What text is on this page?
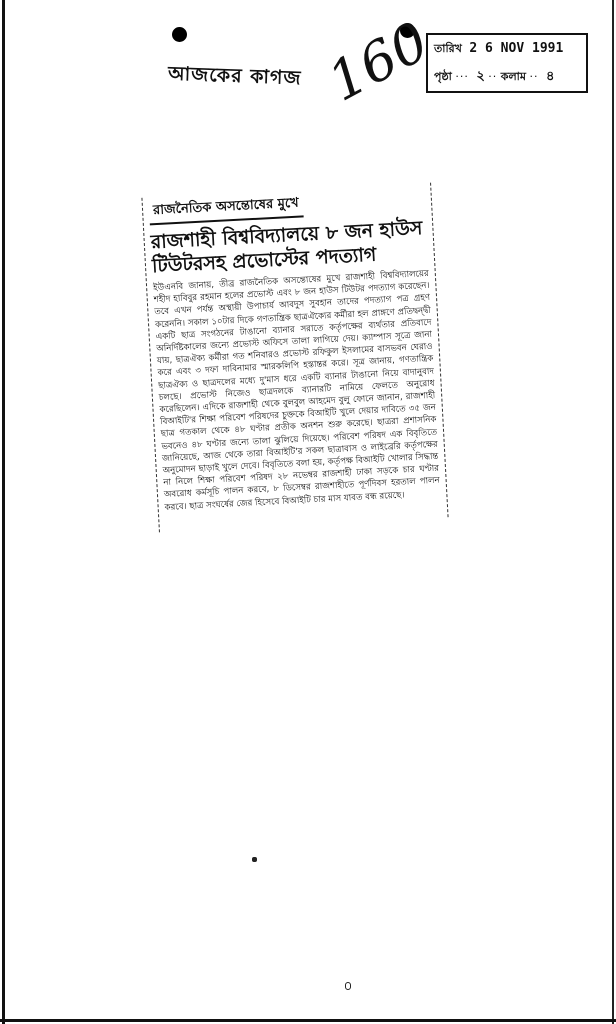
আজকের কাগজ
তারিখ 2 6 NOV 1991
পৃষ্ঠা ··· ২ ·· কলাম ·· ৪
160
রাজনৈতিক অসন্তোষের মুখে
রাজশাহী বিশ্ববিদ্যালয়ে ৮ জন হাউস টিউটরসহ প্রভোস্টের পদত্যাগ
ইউএনবি জানায়, তীব্র রাজনৈতিক অসন্তোষের মুখে রাজশাহী বিশ্ববিদ্যালয়ের শহীদ হাবিবুর রহমান হলের প্রভোস্ট এবং ৮ জন হাউস টিউটর পদত্যাগ করেছেন। তবে এখন পর্যন্ত অস্থায়ী উপাচার্য আবদুস সুবহান তাদের পদত্যাগ পত্র গ্রহণ করেননি। সকাল ১০টার দিকে গণতান্ত্রিক ছাত্রঐক্যের কর্মীরা হল প্রাঙ্গণে প্রতিদ্বন্দ্বী একটি ছাত্র সংগঠনের টাঙানো ব্যানার সরাতে কর্তৃপক্ষের ব্যর্থতার প্রতিবাদে অনির্দিষ্টকালের জন্যে প্রভোস্ট অফিসে তালা লাগিয়ে দেয়। ক্যাম্পাস সূত্রে জানা যায়, ছাত্রঐক্য কর্মীরা গত শনিবারও প্রভোস্ট রফিকুল ইসলামের বাসভবন ঘেরাও করে এবং ৩ দফা দাবিনামার স্মারকলিপি হস্তান্তর করে। সূত্র জানায়, গণতান্ত্রিক ছাত্রঐক্য ও ছাত্রদলের মধ্যে দু'মাস ধরে একটি ব্যানার টাঙানো নিয়ে বাদানুবাদ চলছে। প্রভোস্ট নিজেও ছাত্রদলকে ব্যানারটি নামিয়ে ফেলতে অনুরোধ করেছিলেন। এদিকে রাজশাহী থেকে বুলবুল আহমেদ বুলু ফোনে জানান, রাজশাহী বিআইটি'র শিক্ষা পরিবেশ পরিষদের চুক্তকে বিআইটি খুলে দেয়ার দাবিতে ৩৫ জন ছাত্র গতকাল থেকে ৪৮ ঘণ্টার প্রতীক অনশন শুরু করেছে। ছাত্ররা প্রশাসনিক ভবনেও ৪৮ ঘণ্টার জন্যে তালা ঝুলিয়ে দিয়েছে। পরিবেশ পরিষদ এক বিবৃতিতে জানিয়েছে, আজ থেকে তারা বিআইটি'র সকল ছাত্রাবাস ও লাইব্রেরি কর্তৃপক্ষের অনুমোদন ছাড়াই খুলে দেবে। বিবৃতিতে বলা হয়, কর্তৃপক্ষ বিআইটি খোলার সিদ্ধান্ত না নিলে শিক্ষা পরিবেশ পরিষদ ২৮ নভেম্বর রাজশাহী ঢাকা সড়কে চার ঘণ্টার অবরোধ কর্মসূচি পালন করবে, ৮ ডিসেম্বর রাজশাহীতে পূর্ণদিবস হরতাল পালন করবে। ছাত্র সংঘর্ষের জের হিসেবে বিআইটি চার মাস যাবত বন্ধ রয়েছে।
